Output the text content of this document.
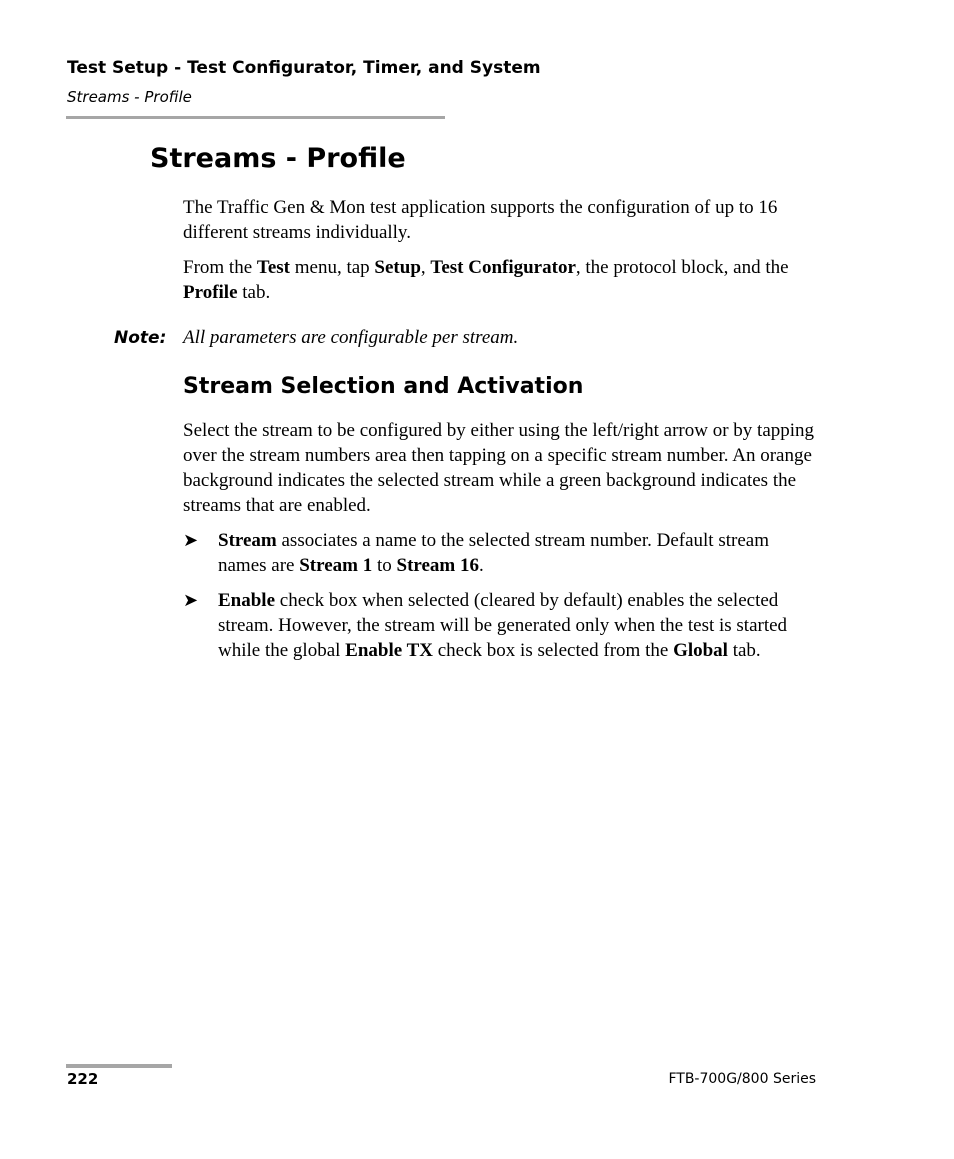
Test Setup - Test Configurator, Timer, and System
Streams - Profile
Streams - Profile

The Traffic Gen & Mon test application supports the configuration of up to 16 different streams individually.

From the Test menu, tap Setup, Test Configurator, the protocol block, and the Profile tab.

Note: All parameters are configurable per stream.
Stream Selection and Activation

Select the stream to be configured by either using the left/right arrow or by tapping over the stream numbers area then tapping on a specific stream number. An orange background indicates the selected stream while a green background indicates the streams that are enabled.

➤ Stream associates a name to the selected stream number. Default stream names are Stream 1 to Stream 16.

➤ Enable check box when selected (cleared by default) enables the selected stream. However, the stream will be generated only when the test is started while the global Enable TX check box is selected from the Global tab.

222	FTB-700G/800 Series
